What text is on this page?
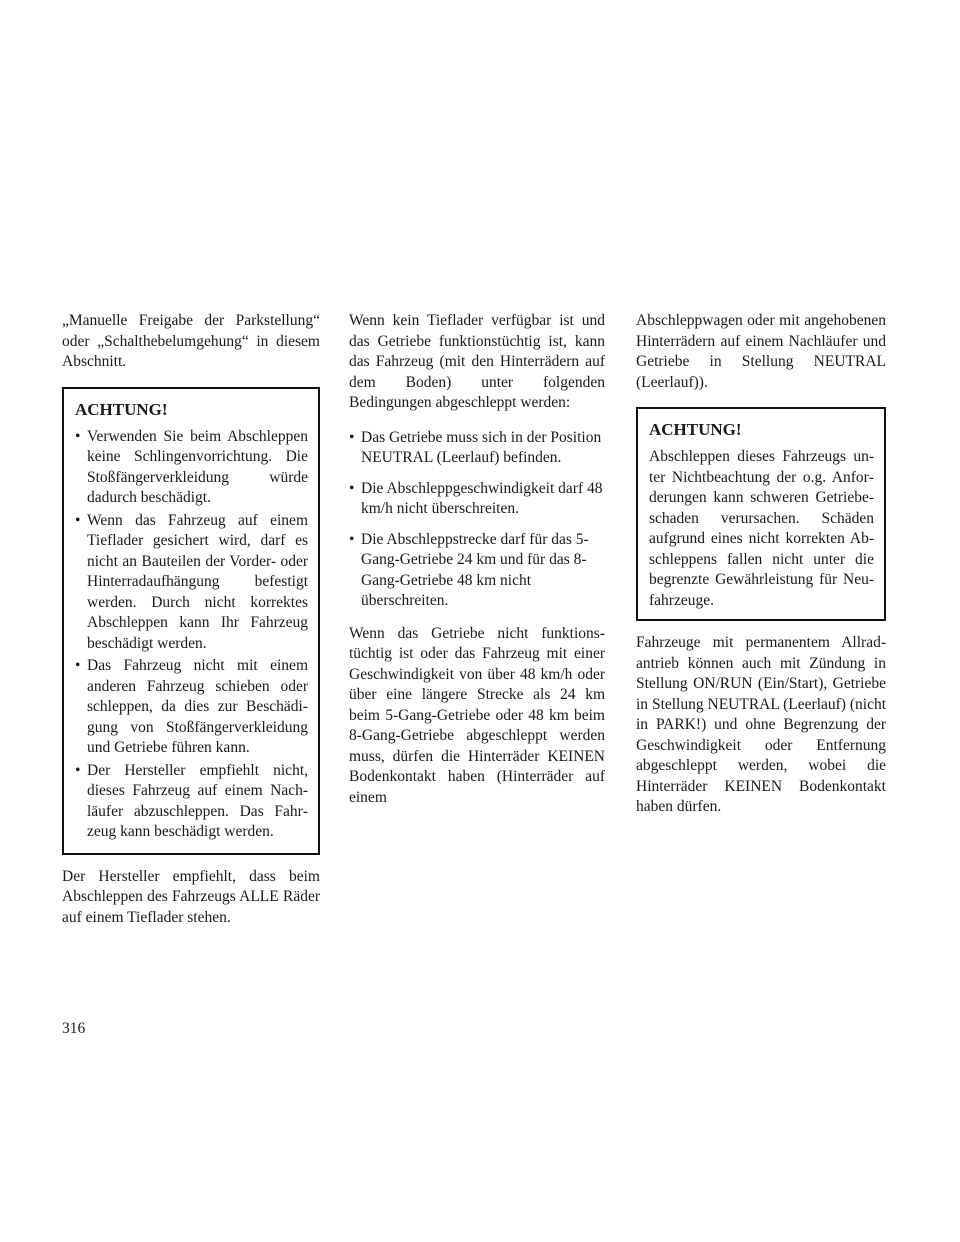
„Manuelle Freigabe der Parkstellung“ oder „Schalthebelumgehung“ in diesem Abschnitt.

ACHTUNG!
• Verwenden Sie beim Abschleppen keine Schlingenvorrichtung. Die Stoßfängerverkleidung würde dadurch beschädigt.
• Wenn das Fahrzeug auf einem Tieflader gesichert wird, darf es nicht an Bauteilen der Vorder- oder Hinterradaufhängung befestigt werden. Durch nicht korrektes Abschleppen kann Ihr Fahrzeug beschädigt werden.
• Das Fahrzeug nicht mit einem anderen Fahrzeug schieben oder schleppen, da dies zur Beschädigung von Stoßfängerverkleidung und Getriebe führen kann.
• Der Hersteller empfiehlt nicht, dieses Fahrzeug auf einem Nachläufer abzuschleppen. Das Fahrzeug kann beschädigt werden.

Der Hersteller empfiehlt, dass beim Abschleppen des Fahrzeugs ALLE Räder auf einem Tieflader stehen.

Wenn kein Tieflader verfügbar ist und das Getriebe funktionstüchtig ist, kann das Fahrzeug (mit den Hinterrädern auf dem Boden) unter folgenden Bedingungen abgeschleppt werden:

• Das Getriebe muss sich in der Position NEUTRAL (Leerlauf) befinden.
• Die Abschleppgeschwindigkeit darf 48 km/h nicht überschreiten.
• Die Abschleppstrecke darf für das 5-Gang-Getriebe 24 km und für das 8-Gang-Getriebe 48 km nicht überschreiten.

Wenn das Getriebe nicht funktionstüchtig ist oder das Fahrzeug mit einer Geschwindigkeit von über 48 km/h oder über eine längere Strecke als 24 km beim 5-Gang-Getriebe oder 48 km beim 8-Gang-Getriebe abgeschleppt werden muss, dürfen die Hinterräder KEINEN Bodenkontakt haben (Hinterräder auf einem

Abschleppwagen oder mit angehobenen Hinterrädern auf einem Nachläufer und Getriebe in Stellung NEUTRAL (Leerlauf)).

ACHTUNG!

Abschleppen dieses Fahrzeugs unter Nichtbeachtung der o.g. Anforderungen kann schweren Getriebeschaden verursachen. Schäden aufgrund eines nicht korrekten Abschleppens fallen nicht unter die begrenzte Gewährleistung für Neufahrzeuge.

Fahrzeuge mit permanentem Allradantrieb können auch mit Zündung in Stellung ON/RUN (Ein/Start), Getriebe in Stellung NEUTRAL (Leerlauf) (nicht in PARK!) und ohne Begrenzung der Geschwindigkeit oder Entfernung abgeschleppt werden, wobei die Hinterräder KEINEN Bodenkontakt haben dürfen.

316
